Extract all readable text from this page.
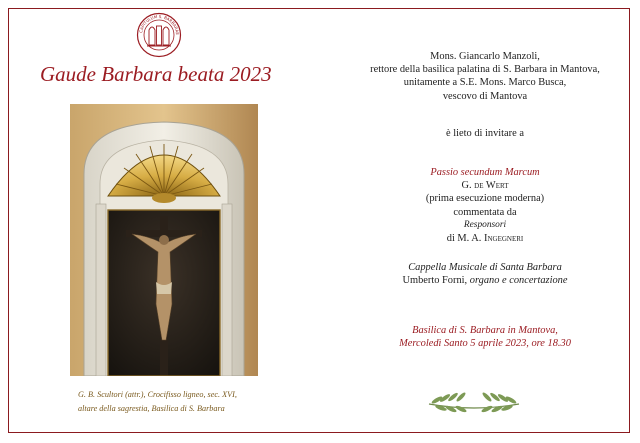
CAPITULUM S. BARBARAE
Gaude Barbara beata 2023
G. B. Scultori (attr.), Crocifisso ligneo, sec. XVI,
altare della sagrestia, Basilica di S. Barbara
Mons. Giancarlo Manzoli,
rettore della basilica palatina di S. Barbara in Mantova,
unitamente a S.E. Mons. Marco Busca,
vescovo di Mantova
è lieto di invitare a
Passio secundum Marcum
G. de Wert
(prima esecuzione moderna)
commentata da
Responsori
di M. A. Ingegneri
Cappella Musicale di Santa Barbara
Umberto Forni, organo e concertazione
Basilica di S. Barbara in Mantova,
Mercoledì Santo 5 aprile 2023, ore 18.30
